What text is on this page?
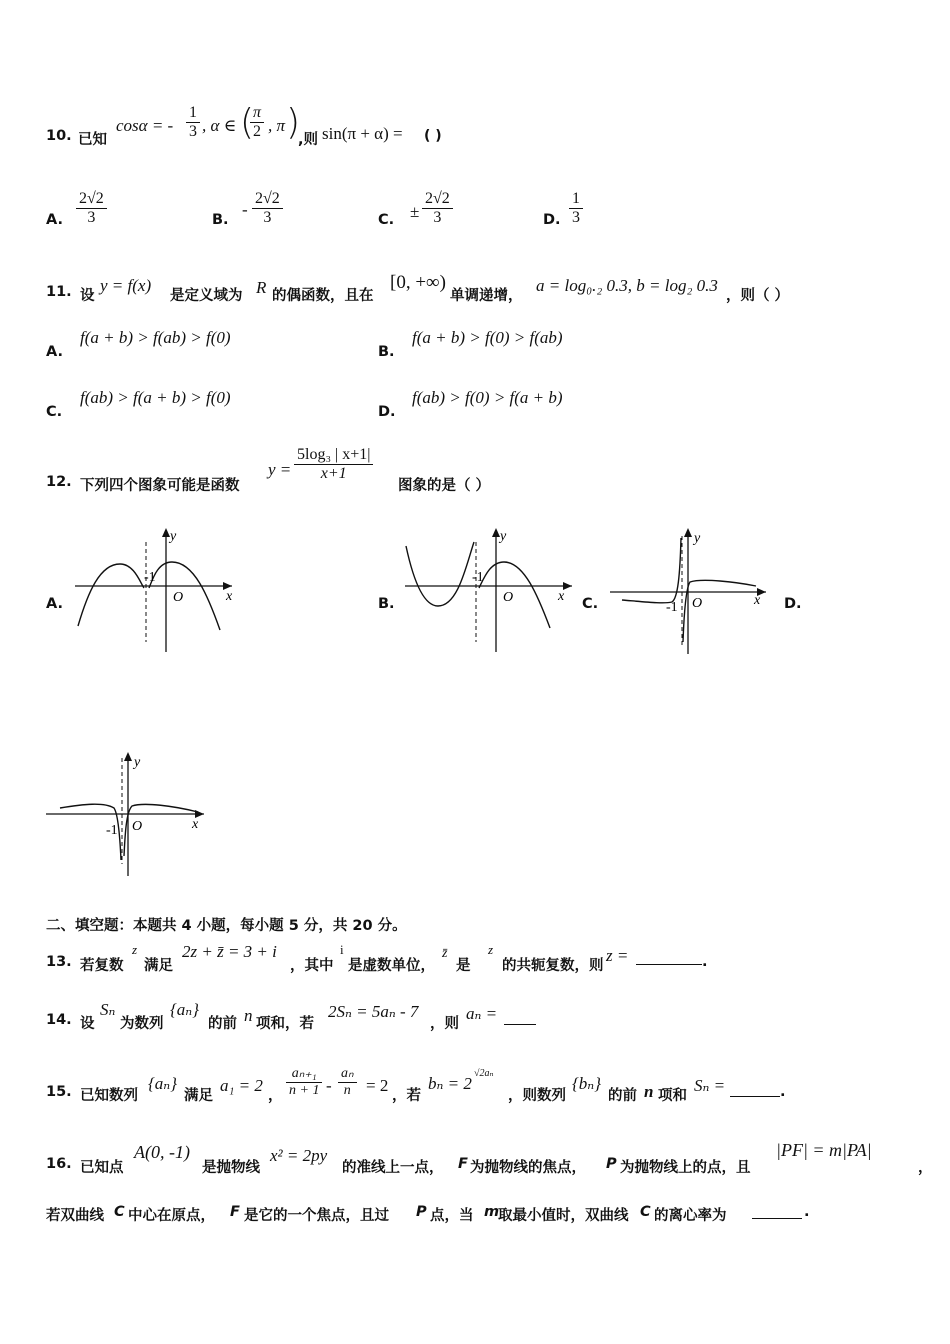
10. 已知
cosα = - $\frac{1}{3}$ , α ∈ (
$\frac{\pi}{2}$ , π )
,则 sin(π + α) = ( )
A. $\frac{2√2}{3}$	B.
- $\frac{2√2}{3}$	C. ± $\frac{2√2}{3}$	D. $\frac{1}{3}$
11. 设
y = f(x)
是定义域为 R 的偶函数，且在
[0, +∞)
单调递增，
a = log₀.₂ 0.3, b = log₂ 0.3
，则（ ）
A.
f(a + b) > f(ab) > f(0)
B.
f(a + b) > f(0) > f(ab)
C.
f(ab) > f(a + b) > f(0)
D.
f(ab) > f(0) > f(a + b)
12. 下列四个图象可能是函数
$y = \frac{\text{5log₃ | x+1|}}{x+1}$
图象的是（ ）
A.
y
x
O
-1
B.
y
x
O
-1
C.
y
x
O
-1	D.
y
x
O
-1
二、填空题：本题共 4 小题，每小题 5 分，共 20 分。
13. 若复数
z
满足
2z + z̄ = 3 + i
，其中
i
是虚数单位，
z̄
是
z
的共轭复数，则
z =	.
14. 设
Sₙ
为数列
{aₙ}
的前 n 项和，若
2Sₙ = 5aₙ - 7
，则
aₙ =
15. 已知数列
{aₙ}
满足
a₁ = 2
， $\frac{\text{aₙ₊₁}}{n + 1} - \frac{\text{aₙ}}{n} = 2$
，若
bₙ = 2
√2aₙ
，则数列
{bₙ}
的前 n 项和
Sₙ =	.
16. 已知点
A(0, -1)
是抛物线
x² = 2py
的准线上一点， F 为抛物线的焦点， P 为抛物线上的点，且
|PF| = m|PA|
，
若双曲线 C 中心在原点， F 是它的一个焦点，且过 P 点，当 m
取最小值时，双曲线 C 的离心率为	.
